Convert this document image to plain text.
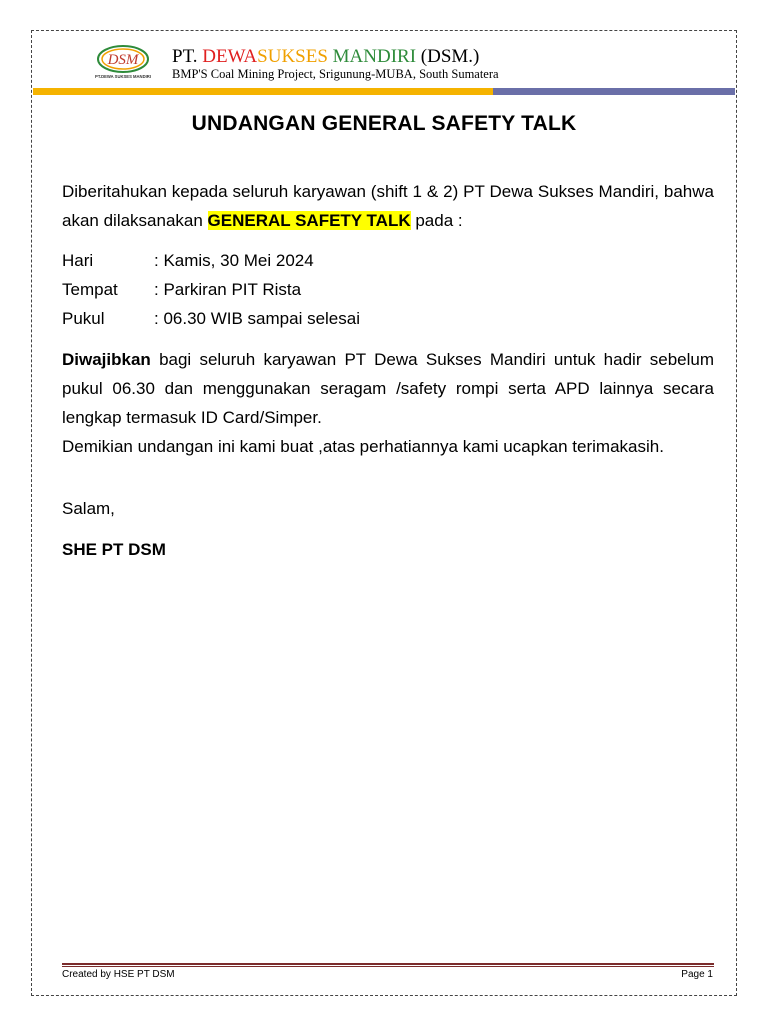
DSM
PT.DEWA SUKSES MANDIRI
PT. DEWASUKSES MANDIRI (DSM.)
BMP'S Coal Mining Project, Srigunung-MUBA, South Sumatera
UNDANGAN GENERAL SAFETY TALK
Diberitahukan kepada seluruh karyawan (shift 1 & 2) PT Dewa Sukses Mandiri, bahwa akan dilaksanakan GENERAL SAFETY TALK pada :
Hari	: Kamis, 30 Mei 2024
Tempat : Parkiran PIT Rista
Pukul	: 06.30 WIB sampai selesai
Diwajibkan bagi seluruh karyawan PT Dewa Sukses Mandiri untuk hadir sebelum pukul 06.30 dan menggunakan seragam /safety rompi serta APD lainnya secara lengkap termasuk ID Card/Simper.
Demikian undangan ini kami buat ,atas perhatiannya kami ucapkan terimakasih.
Salam,
SHE PT DSM
Created by HSE PT DSM	Page 1
